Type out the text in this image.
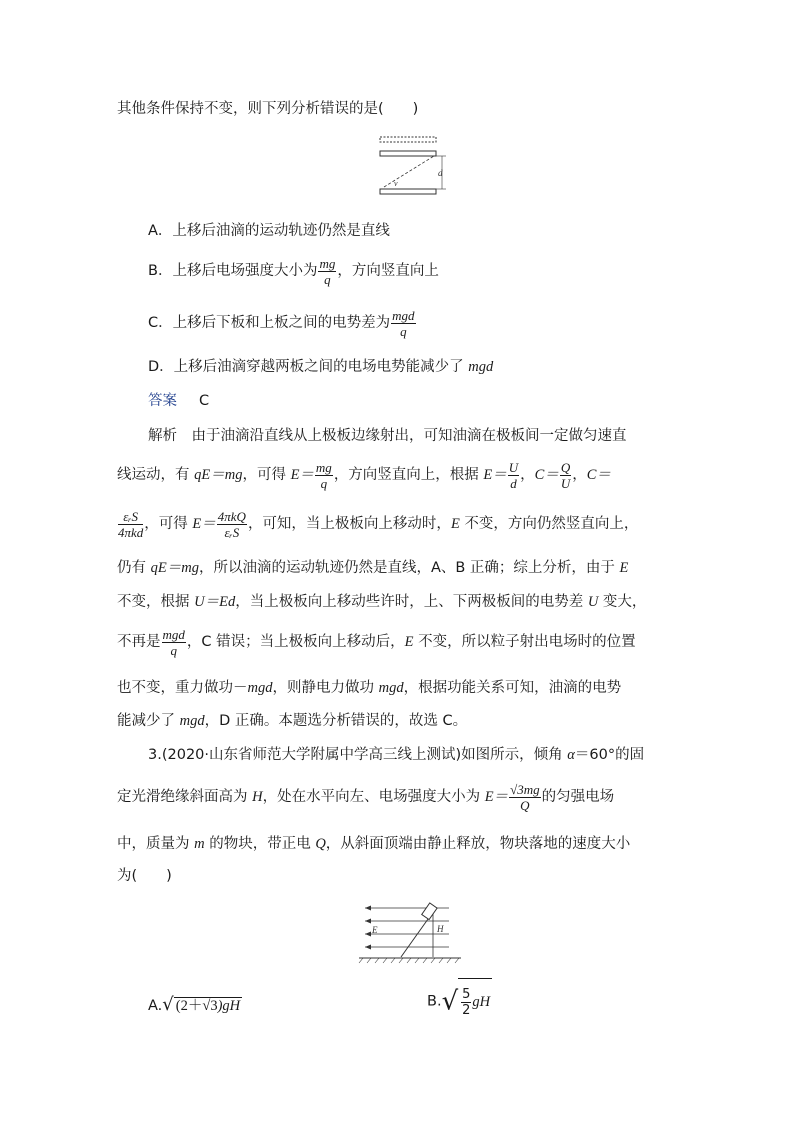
其他条件保持不变，则下列分析错误的是(　　)
d
v
A．上移后油滴的运动轨迹仍然是直线
B．上移后电场强度大小为 $\frac{mg}{q}$ ，方向竖直向上
C．上移后下板和上板之间的电势差为 $\frac{\text{mgd}}{q}$
D．上移后油滴穿越两板之间的电场电势能减少了 mgd
答案 C
解析　由于油滴沿直线从上极板边缘射出，可知油滴在极板间一定做匀速直
线运动，有 qE＝mg，可得 $E= \frac{mg}{q}$ ，方向竖直向上，根据 $E= \frac{U}{d}$ ，$C= \frac{Q}{U}$ ，C＝
$\frac{\text{εᵣS}}{\text{4πkd}}$ ，可得 $E= \frac{\text{4πkQ}}{\text{εᵣS}}$ ，可知，当上极板向上移动时，E 不变，方向仍然竖直向上，
仍有 qE＝mg，所以油滴的运动轨迹仍然是直线，A、B 正确；综上分析，由于 E
不变，根据 U＝Ed，当上极板向上移动些许时，上、下两极板间的电势差 U 变大，
不再是 $\frac{\text{mgd}}{q}$ ，C 错误；当上极板向上移动后，E 不变，所以粒子射出电场时的位置
也不变，重力做功－mgd，则静电力做功 mgd，根据功能关系可知，油滴的电势
能减少了 mgd，D 正确。本题选分析错误的，故选 C。
3.(2020·山东省师范大学附属中学高三线上测试)如图所示，倾角 α＝60°的固
定光滑绝缘斜面高为 H，处在水平向左、电场强度大小为 $E= \frac{√3mg}{Q}$ 的匀强电场
中，质量为 m 的物块，带正电 Q，从斜面顶端由静止释放，物块落地的速度大小
为(　　)
E	H
A.√ (2＋√3)gH	$B.√ \frac{5}{2}$ gH
